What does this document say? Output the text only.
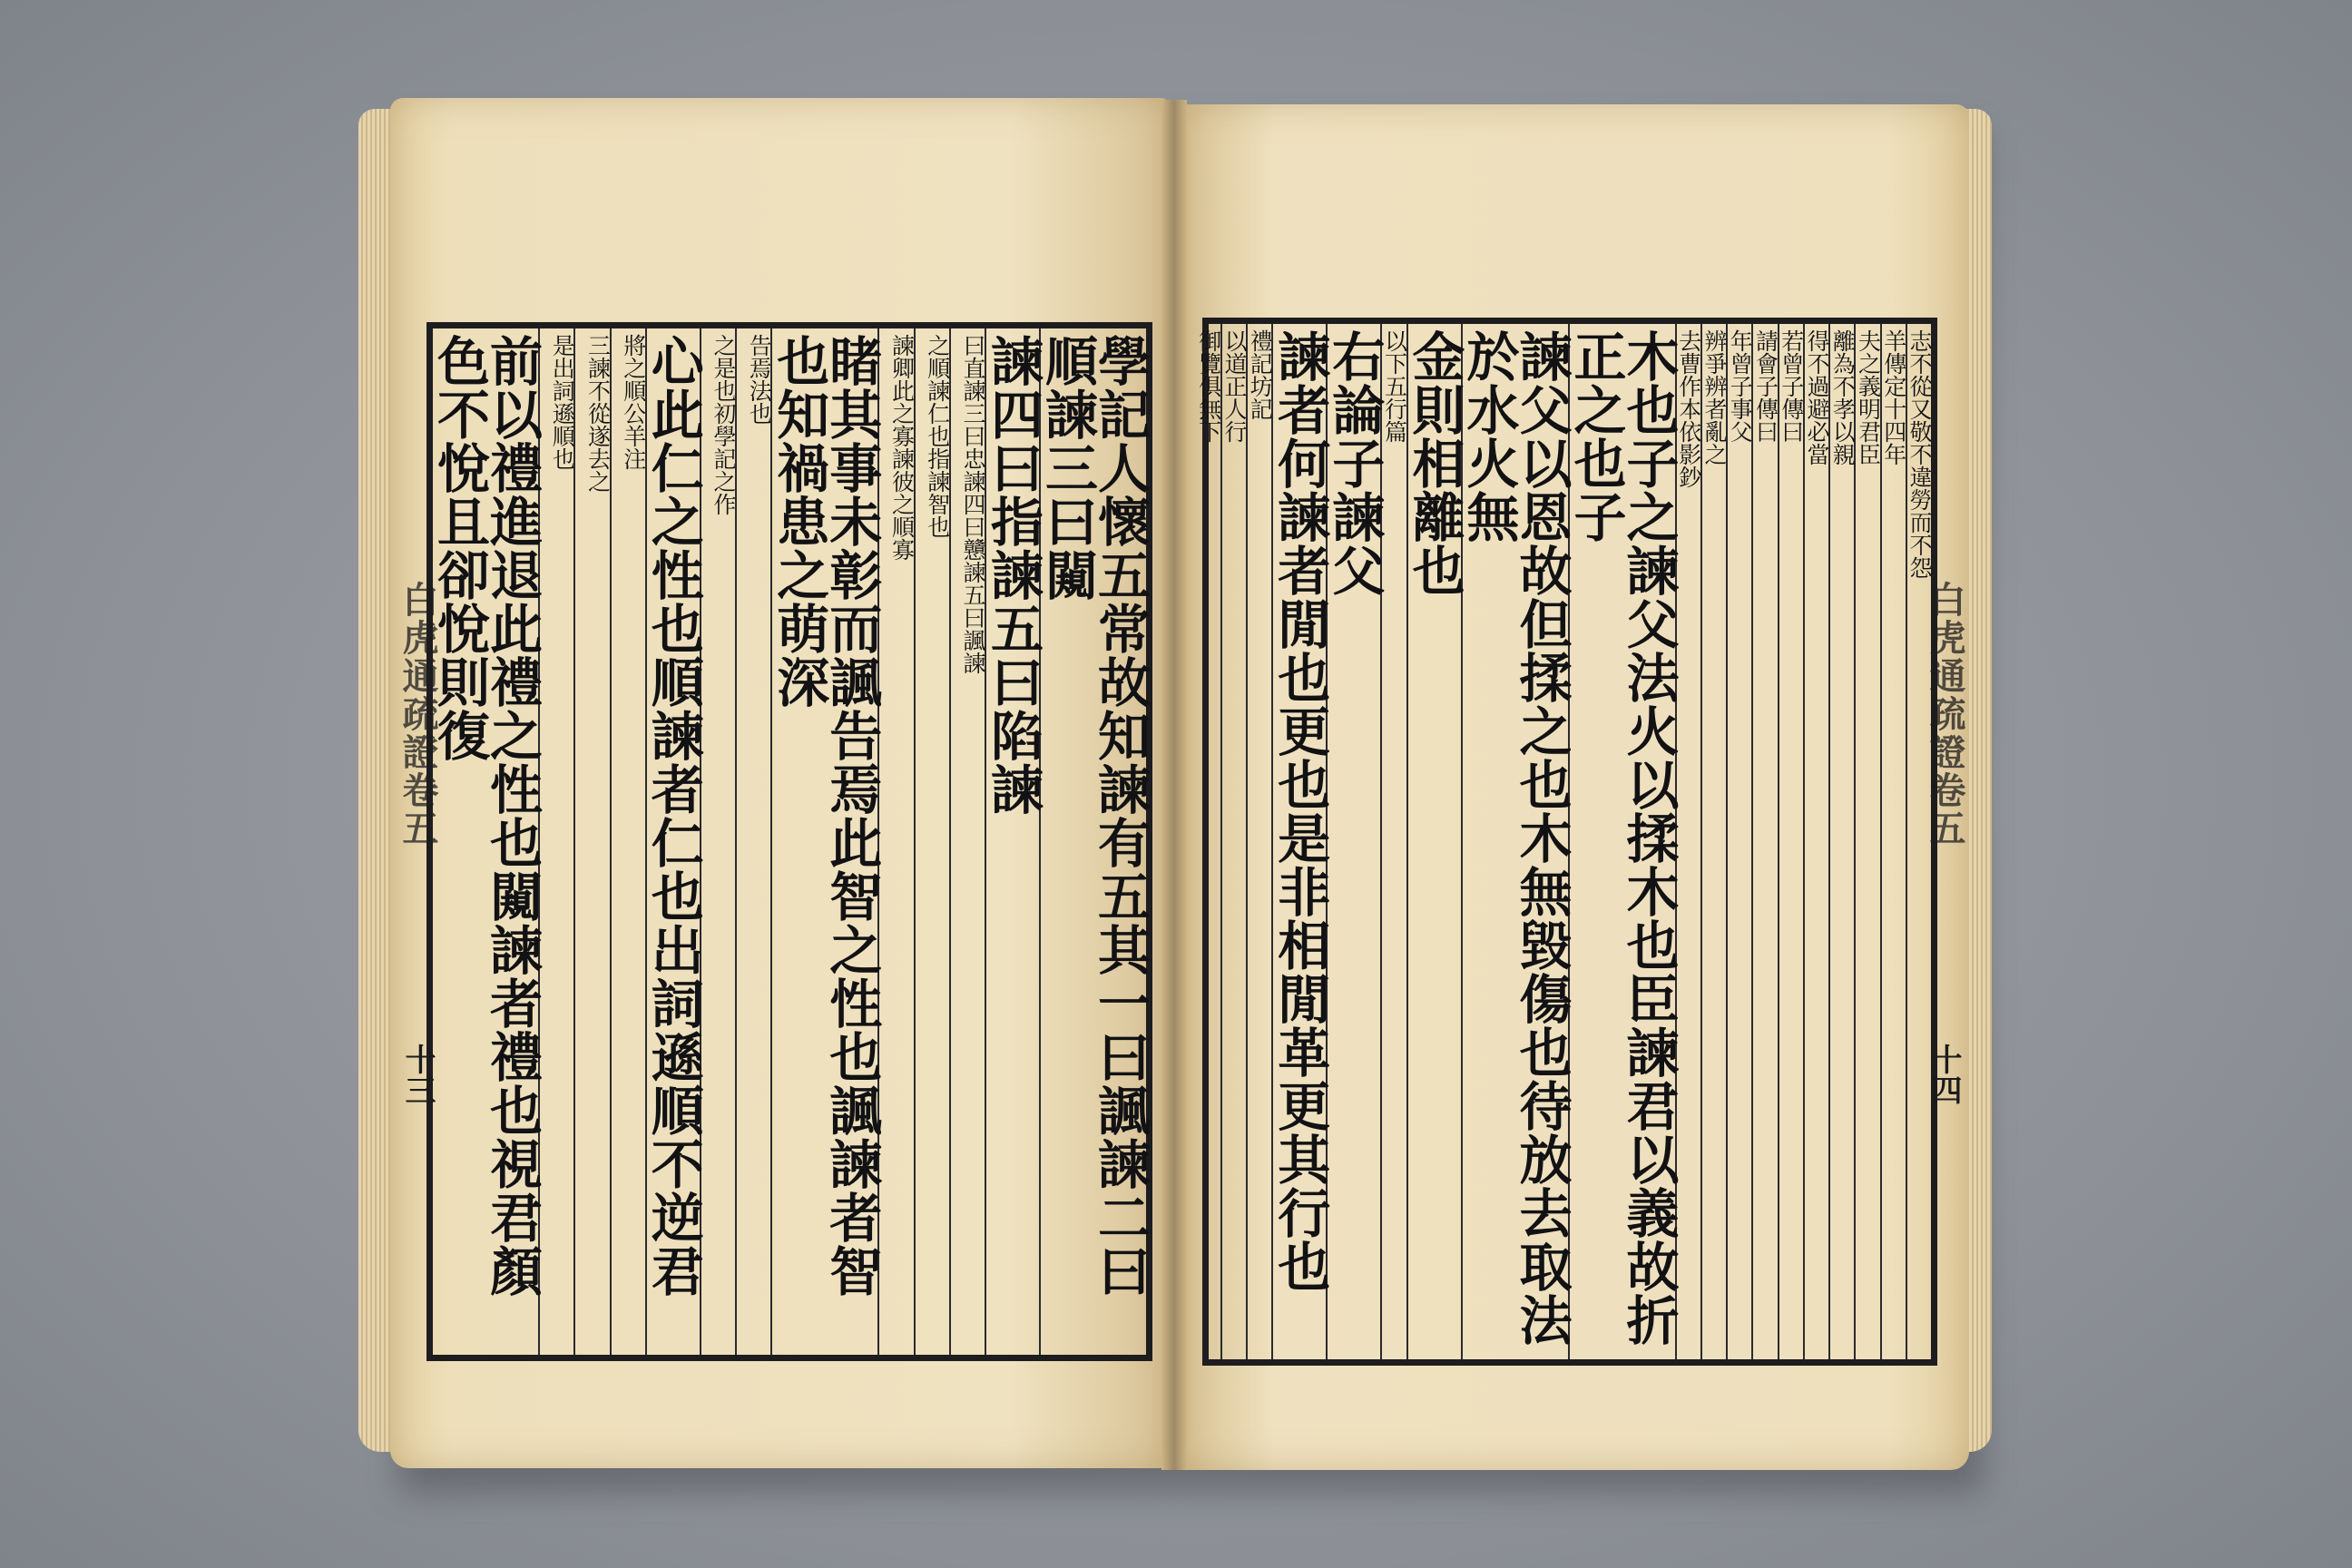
學記人懷五常故知諫有五其一曰諷諫二曰順諫三曰闚
諫四曰指諫五曰陷諫
曰直諫三曰忠諫四曰戇諫五曰諷諫
之順諫仁也指諫智也
諫卿此之寡諫彼之順寡
睹其事未彰而諷告焉此智之性也諷諫者智也知禍患之萌深
告焉法也
之是也初學記之作
心此仁之性也順諫者仁也出詞遜順不逆君
將之順公羊注
三諫不從遂去之
是出詞遜順也
前以禮進退此禮之性也闚諫者禮也視君顏色不悅且卻悅則復	志不從又敬不違勞而不怨
羊傳定十四年
夫之義明君臣
離為不孝以親
得不過避必當
若曾子傳曰
請會子傳曰
年曾子事父
辨爭辨者亂之
去曹作本依影鈔
木也子之諫父法火以揉木也臣諫君以義故折正之也子
諫父以恩故但揉之也木無毀傷也待放去取法於水火無
金則相離也
以下五行篇
右論子諫父
諫者何諫者閒也更也是非相閒革更其行也
禮記坊記
以道正人行
御覽俱無下
白虎通疏證卷五	白虎通疏證卷五
十三	十四
